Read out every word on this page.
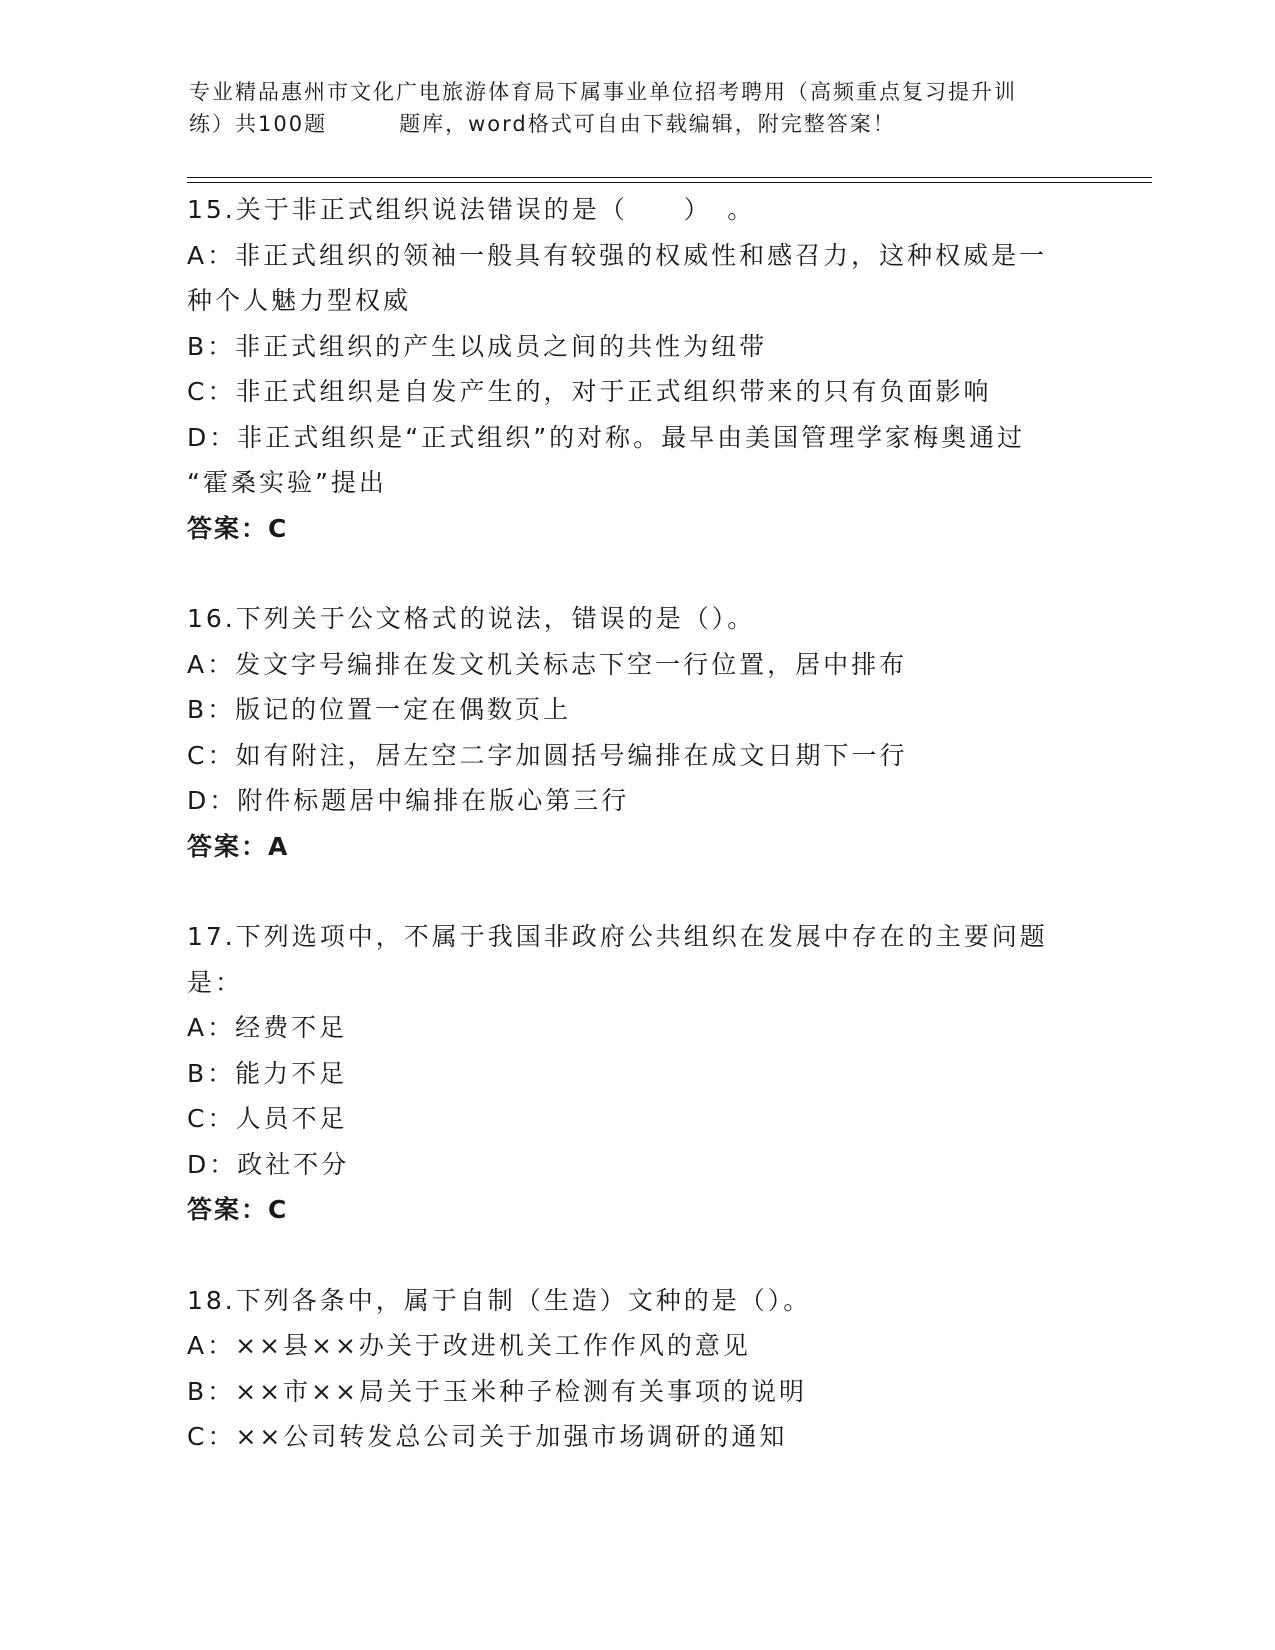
专业精品惠州市文化广电旅游体育局下属事业单位招考聘用（高频重点复习提升训
练）共100题	题库，word格式可自由下载编辑，附完整答案！
15.关于非正式组织说法错误的是（　　）　。
A：非正式组织的领袖一般具有较强的权威性和感召力，这种权威是一
种个人魅力型权威
B：非正式组织的产生以成员之间的共性为纽带
C：非正式组织是自发产生的，对于正式组织带来的只有负面影响
D：非正式组织是“正式组织”的对称。最早由美国管理学家梅奥通过
“霍桑实验”提出
答案：C
16.下列关于公文格式的说法，错误的是（）。
A：发文字号编排在发文机关标志下空一行位置，居中排布
B：版记的位置一定在偶数页上
C：如有附注，居左空二字加圆括号编排在成文日期下一行
D：附件标题居中编排在版心第三行
答案：A
17.下列选项中，不属于我国非政府公共组织在发展中存在的主要问题
是：
A：经费不足
B：能力不足
C：人员不足
D：政社不分
答案：C
18.下列各条中，属于自制（生造）文种的是（）。
A：××县××办关于改进机关工作作风的意见
B：××市××局关于玉米种子检测有关事项的说明
C：××公司转发总公司关于加强市场调研的通知
